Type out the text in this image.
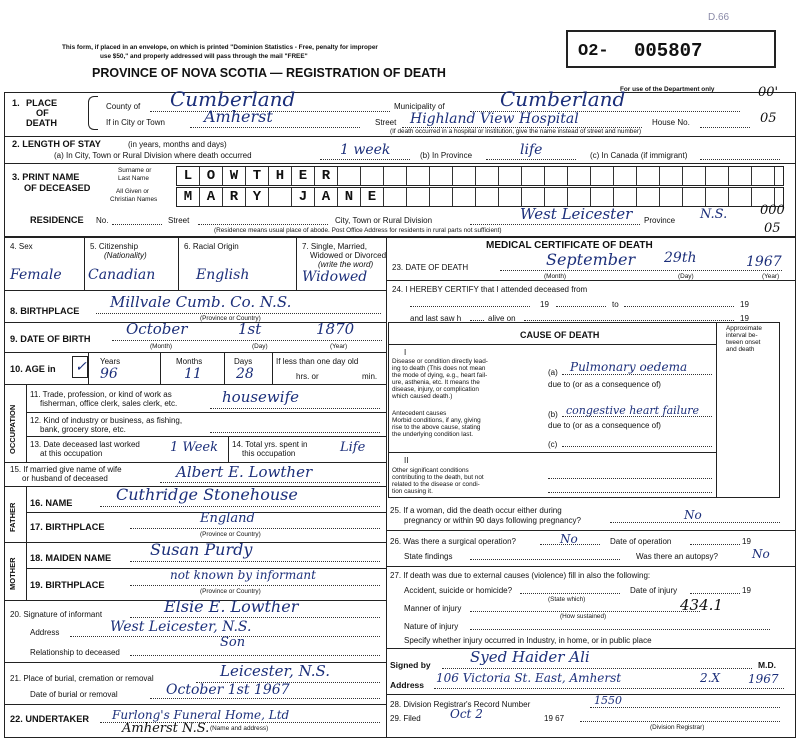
D.66
This form, if placed in an envelope, on which is printed "Dominion Statistics - Free, penalty for improper
use $50," and properly addressed will pass through the mail "FREE"
PROVINCE OF NOVA SCOTIA — REGISTRATION OF DEATH
O2- 005807
For use of the Department only
1. PLACE
OF
DEATH
County of Cumberland	Municipality of	Cumberland	00'
If in City or Town Amherst	Street Highland View Hospital	House No.	05
(If death occurred in a hospital or institution, give the name instead of street and number)
2. LENGTH OF STAY	(in years, months and days)
(a) In City, Town or Rural Division where death occurred	1 week	(b) In Province	life	(c) In Canada (if immigrant)
3. PRINT NAME
OF DECEASED
Surname or
Last Name
All Given or
Christian Names
L	O	W	T	H	E	R
M	A	R	Y	J	A	N	E
RESIDENCE No.	Street	City, Town or Rural Division	West Leicester Province N.S.	000
05
(Residence means usual place of abode. Post Office Address for residents in rural parts not sufficient)
4. Sex
Female
5. Citizenship
(Nationality)
Canadian
6. Racial Origin
English
7. Single, Married,
Widowed or Divorced
(write the word)
Widowed
8. BIRTHPLACE Millvale Cumb. Co. N.S.
(Province or Country)
9. DATE OF BIRTH
October	1st	1870
(Month)	(Day)	(Year)
10. AGE in ✓ Years	Months	Days
96	11 28
If less than one day old
hrs. or	min.
OCCUPATION
11. Trade, profession, or kind of work as
fisherman, office clerk, sales clerk, etc.	housewife
12. Kind of industry or business, as fishing,
bank, grocery store, etc.
13. Date deceased last worked
at this occupation	1 Week 14. Total yrs. spent in
this occupation	Life
15. If married give name of wife
or husband of deceased	Albert E. Lowther
FATHER 16. NAME	Cuthridge Stonehouse
17. BIRTHPLACE
England
(Province or Country)
MOTHER 18. MAIDEN NAME Susan Purdy
19. BIRTHPLACE
not known by informant
(Province or Country)
20. Signature of informant	Elsie E. Lowther
Address	West Leicester, N.S.
Son
Relationship to deceased
21. Place of burial, cremation or removal	Leicester, N.S.
Date of burial or removal	October 1st 1967
22. UNDERTAKER Furlong's Funeral Home, Ltd
Amherst N.S. (Name and address)
MEDICAL CERTIFICATE OF DEATH
23. DATE OF DEATH	September 29th	1967
(Month)	(Day)	(Year)
24. I HEREBY CERTIFY that I attended deceased from
19	to	19
and last saw h	alive on	19
CAUSE OF DEATH
Approximate
interval be-
tween onset
and death
I
Disease or condition directly lead-
ing to death (This does not mean
the mode of dying, e.g., heart fail-
ure, asthenia, etc. It means the
disease, injury, or complication
which caused death.)
Antecedent causes
Morbid conditions, if any, giving
rise to the above cause, stating
the underlying condition last.
(a) Pulmonary oedema
due to (or as a consequence of)
(b) congestive heart failure
due to (or as a consequence of)
(c)
II
Other significant conditions
contributing to the death, but not
related to the disease or condi-
tion causing it.
25. If a woman, did the death occur either during
pregnancy or within 90 days following pregnancy?	No
26. Was there a surgical operation?	No	Date of operation	19
State findings	Was there an autopsy?	No
27. If death was due to external causes (violence) fill in also the following:
Accident, suicide or homicide?
(State which)
Date of injury	19
Manner of injury
(How sustained)
434.1
Nature of injury
Specify whether injury occurred in Industry, in home, or in public place
Signed by	Syed Haider Ali	M.D.
Address 106 Victoria St. East, Amherst	2.X 1967
28. Division Registrar's Record Number	1550
29. Filed Oct 2	19 67
(Division Registrar)
